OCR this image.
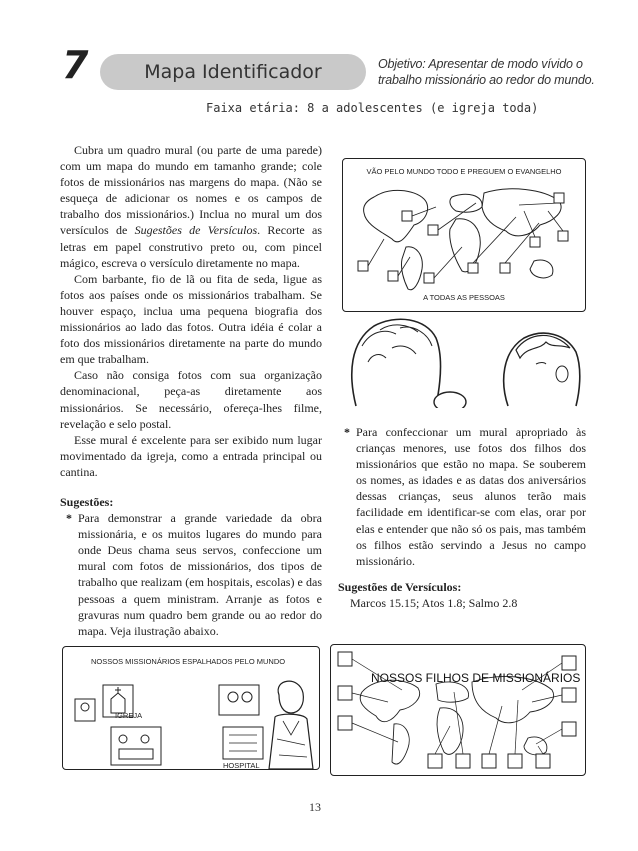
7	Mapa Identificador	Objetivo: Apresentar de modo vívido o
trabalho missionário ao redor do mundo.
Faixa etária: 8 a adolescentes (e igreja toda)

Cubra um quadro mural (ou parte de uma parede) com um mapa do mundo em tamanho grande; cole fotos de missionários nas margens do mapa. (Não se esqueça de adicionar os nomes e os campos de trabalho dos missionários.) Inclua no mural um dos versículos de Sugestões de Versículos. Recorte as letras em papel construtivo preto ou, com pincel mágico, escreva o versículo diretamente no mapa.

Com barbante, fio de lã ou fita de seda, ligue as fotos aos países onde os missionários trabalham. Se houver espaço, inclua uma pequena biografia dos missionários ao lado das fotos. Outra idéia é colar a foto dos missionários diretamente na parte do mundo em que trabalham.

Caso não consiga fotos com sua organização denominacional, peça-as diretamente aos missionários. Se necessário, ofereça-lhes filme, revelação e selo postal.

Esse mural é excelente para ser exibido num lugar movimentado da igreja, como a entrada principal ou cantina.

Sugestões:

* Para demonstrar a grande variedade da obra missionária, e os muitos lugares do mundo para onde Deus chama seus servos, confeccione um mural com fotos de missionários, dos tipos de trabalho que realizam (em hospitais, escolas) e das pessoas a quem ministram. Arranje as fotos e gravuras num quadro bem grande ou ao redor do mapa. Veja ilustração abaixo.
* Para confeccionar um mural apropriado às crianças menores, use fotos dos filhos dos missionários que estão no mapa. Se souberem os nomes, as idades e as datas dos aniversários dessas crianças, seus alunos terão mais facilidade em identificar-se com elas, orar por elas e entender que não só os pais, mas também os filhos estão servindo a Jesus no campo missionário.

Sugestões de Versículos:

Marcos 15.15; Atos 1.8; Salmo 2.8

VÃO PELO MUNDO TODO E PREGUEM O EVANGELHO
A TODAS AS PESSOAS
NOSSOS MISSIONÁRIOS ESPALHADOS PELO MUNDO
IGREJA
HOSPITAL
NOSSOS FILHOS DE MISSIONÁRIOS
13
